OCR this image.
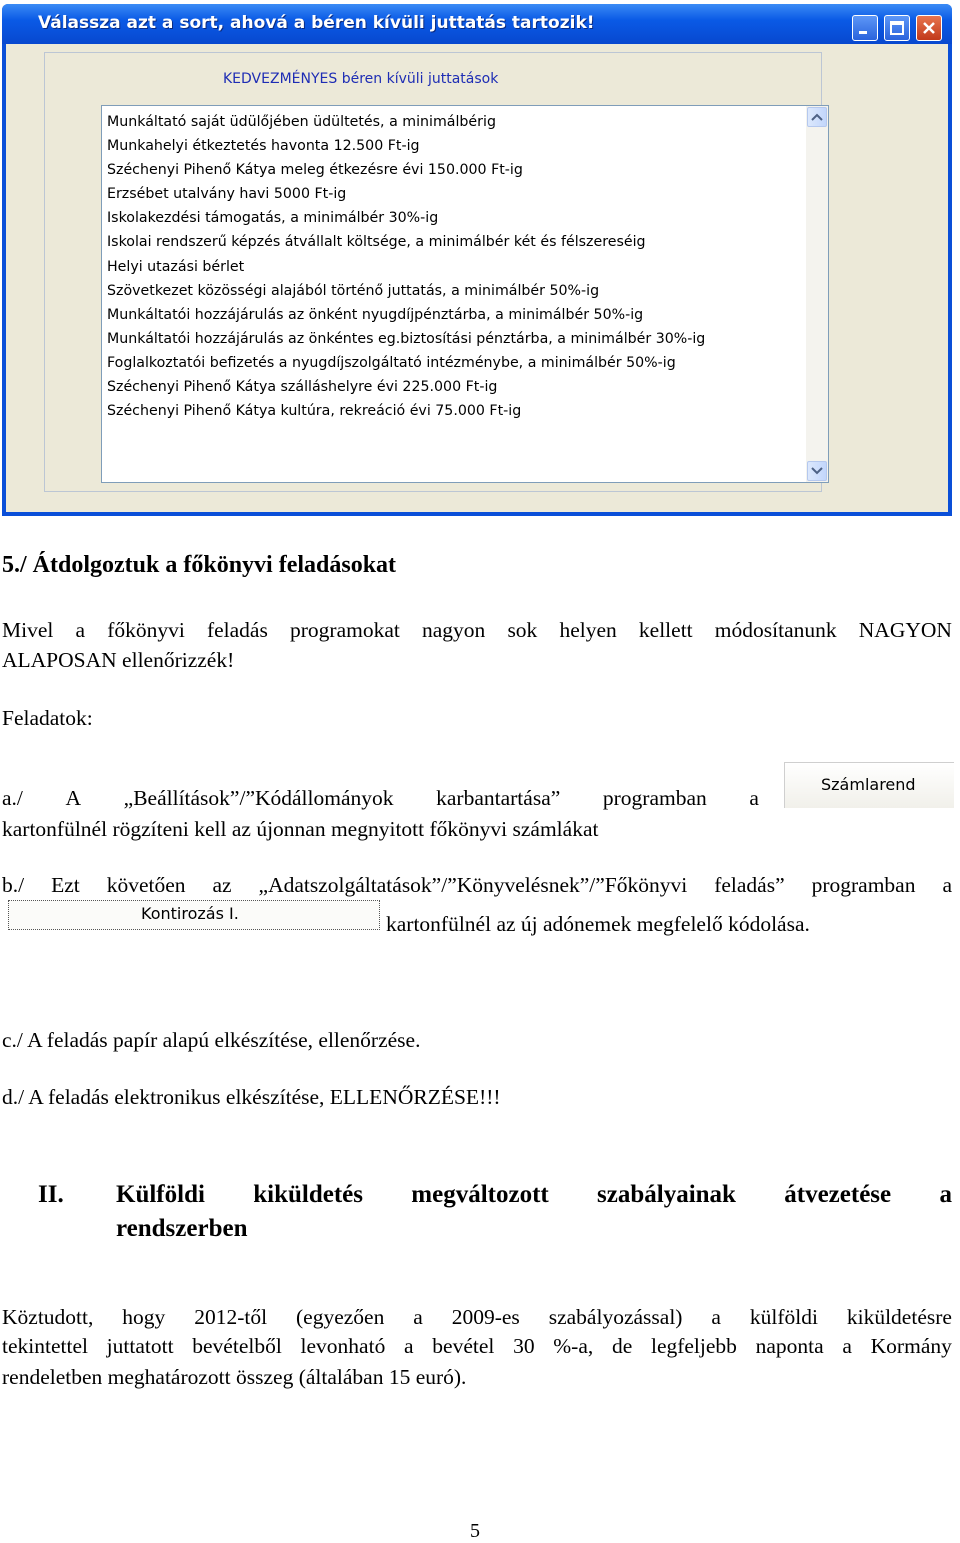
Válassza azt a sort, ahová a béren kívüli juttatás tartozik!
KEDVEZMÉNYES béren kívüli juttatások
Munkáltató saját üdülőjében üdültetés, a minimálbérig
Munkahelyi étkeztetés havonta 12.500 Ft-ig
Széchenyi Pihenő Kátya meleg étkezésre évi 150.000 Ft-ig
Erzsébet utalvány havi 5000 Ft-ig
Iskolakezdési támogatás, a minimálbér 30%-ig
Iskolai rendszerű képzés átvállalt költsége, a minimálbér két és félszereséig
Helyi utazási bérlet
Szövetkezet közösségi alajából történő juttatás, a minimálbér 50%-ig
Munkáltatói hozzájárulás az önként nyugdíjpénztárba, a minimálbér 50%-ig
Munkáltatói hozzájárulás az önkéntes eg.biztosítási pénztárba, a minimálbér 30%-ig
Foglalkoztatói befizetés a nyugdíjszolgáltató intézménybe, a minimálbér 50%-ig
Széchenyi Pihenő Kátya szálláshelyre évi 225.000 Ft-ig
Széchenyi Pihenő Kátya kultúra, rekreáció évi 75.000 Ft-ig
5./ Átdolgoztuk a főkönyvi feladásokat
Mivel a főkönyvi feladás programokat nagyon sok helyen kellett módosítanunk NAGYON
ALAPOSAN ellenőrizzék!
Feladatok:
a./ A „Beállítások”/”Kódállományok karbantartása” programban a
kartonfülnél rögzíteni kell az újonnan megnyitott főkönyvi számlákat
Számlarend
b./ Ezt követően az „Adatszolgáltatások”/”Könyvelésnek”/”Főkönyvi feladás” programban a
Kontirozás I.	kartonfülnél az új adónemek megfelelő kódolása.
c./ A feladás papír alapú elkészítése, ellenőrzése.
d./ A feladás elektronikus elkészítése, ELLENŐRZÉSE!!!
II. Külföldi kiküldetés megváltozott szabályainak átvezetése a
rendszerben
Köztudott, hogy 2012-től (egyezően a 2009-es szabályozással) a külföldi kiküldetésre
tekintettel juttatott bevételből levonható a bevétel 30 %-a, de legfeljebb naponta a Kormány
rendeletben meghatározott összeg (általában 15 euró).
5
